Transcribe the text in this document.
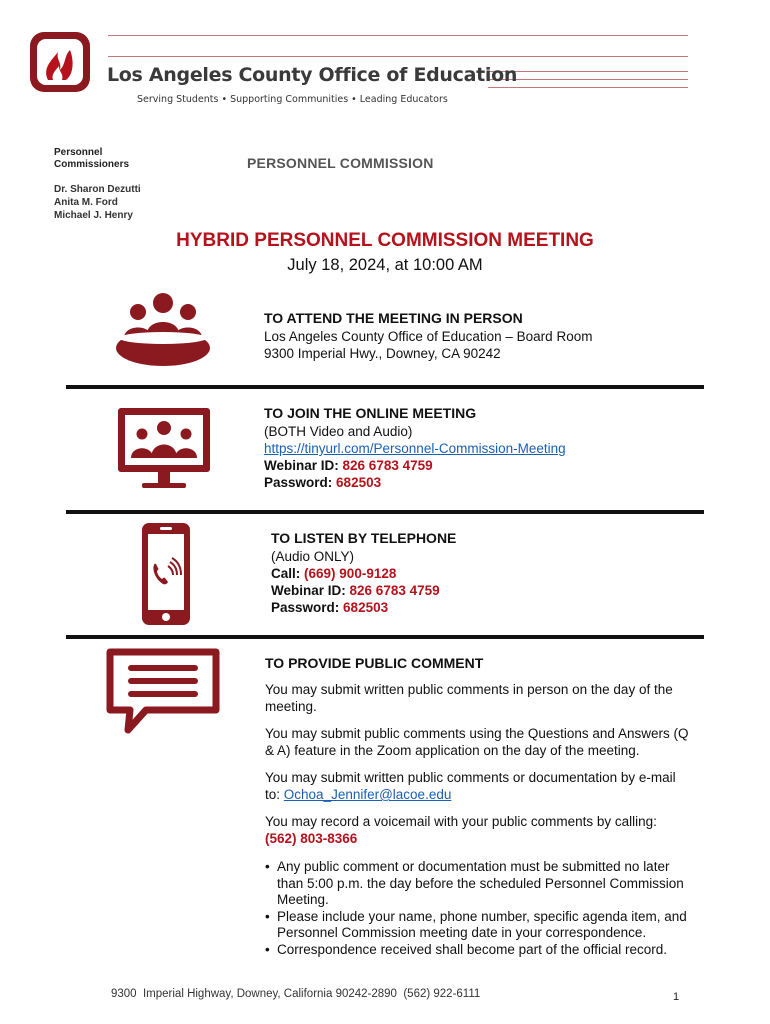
Los Angeles County Office of Education
Serving Students • Supporting Communities • Leading Educators
Personnel
Commissioners
Dr. Sharon Dezutti
Anita M. Ford
Michael J. Henry
PERSONNEL COMMISSION
HYBRID PERSONNEL COMMISSION MEETING
July 18, 2024, at 10:00 AM
TO ATTEND THE MEETING IN PERSON
Los Angeles County Office of Education – Board Room
9300 Imperial Hwy., Downey, CA 90242
TO JOIN THE ONLINE MEETING
(BOTH Video and Audio)
https://tinyurl.com/Personnel-Commission-Meeting
Webinar ID: 826 6783 4759
Password: 682503
TO LISTEN BY TELEPHONE
(Audio ONLY)
Call: (669) 900-9128
Webinar ID: 826 6783 4759
Password: 682503
TO PROVIDE PUBLIC COMMENT
You may submit written public comments in person on the day of the meeting.
You may submit public comments using the Questions and Answers (Q & A) feature in the Zoom application on the day of the meeting.
You may submit written public comments or documentation by e-mail
to: Ochoa_Jennifer@lacoe.edu
You may record a voicemail with your public comments by calling:
(562) 803-8366
• Any public comment or documentation must be submitted no later than 5:00 p.m. the day before the scheduled Personnel Commission Meeting.
• Please include your name, phone number, specific agenda item, and Personnel Commission meeting date in your correspondence.
• Correspondence received shall become part of the official record.
9300  Imperial Highway, Downey, California 90242-2890  (562) 922-6111	1
